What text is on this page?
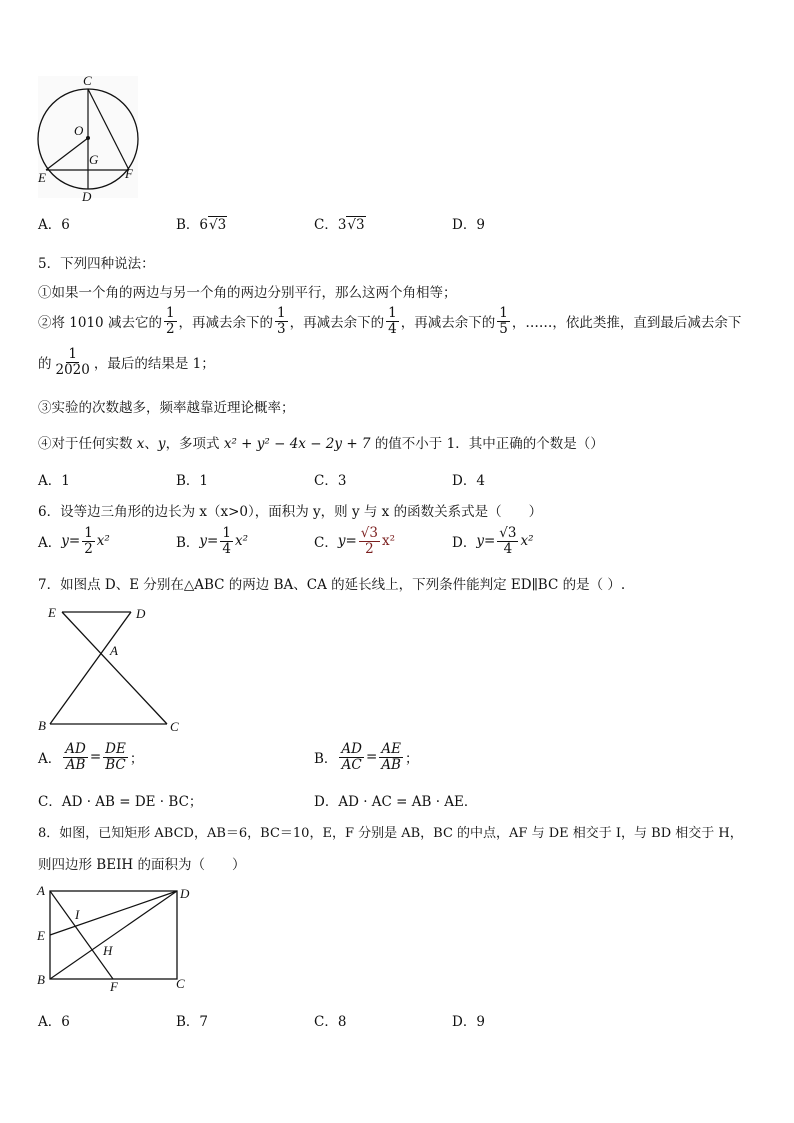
C
O
G
E	F
D
A．6	B．6√3	C．3√3	D．9
5．下列四种说法：
①如果一个角的两边与另一个角的两边分别平行，那么这两个角相等；
②将 1010 减去它的 $\frac{1}{2}$ ，再减去余下的 $\frac{1}{3}$ ，再减去余下的 $\frac{1}{4}$ ，再减去余下的 $\frac{1}{5}$ ，……，依此类推，直到最后减去余下
的 $\frac{1}{2020}$ ，最后的结果是 1；
③实验的次数越多，频率越靠近理论概率；
④对于任何实数 x、y，多项式 x² + y² − 4x − 2y + 7 的值不小于 1．其中正确的个数是（）
A．1	B．1	C．3	D．4
6．设等边三角形的边长为 x（x>0），面积为 y，则 y 与 x 的函数关系式是（　　）
A． $y= \frac{1}{2} x^2$	B． $y= \frac{1}{4} x^2$	C． $y= \frac{√3}{2} x^2$	D． $y= \frac{√3}{4} x^2$
7．如图点 D、E 分别在△ABC 的两边 BA、CA 的延长线上，下列条件能判定 ED∥BC 的是（ ）.
E	D
A
B	C
A． $\frac{AD}{AB} = \frac{DE}{BC}$ ；	B． $\frac{AD}{AC} = \frac{AE}{AB}$ ；
C．AD · AB = DE · BC；	D．AD · AC = AB · AE．
8．如图，已知矩形 ABCD，AB＝6，BC＝10，E，F 分别是 AB，BC 的中点，AF 与 DE 相交于 I，与 BD 相交于 H，
则四边形 BEIH 的面积为（　　）
A	D
I
E
H
B	F	C
A．6	B．7	C．8	D．9
